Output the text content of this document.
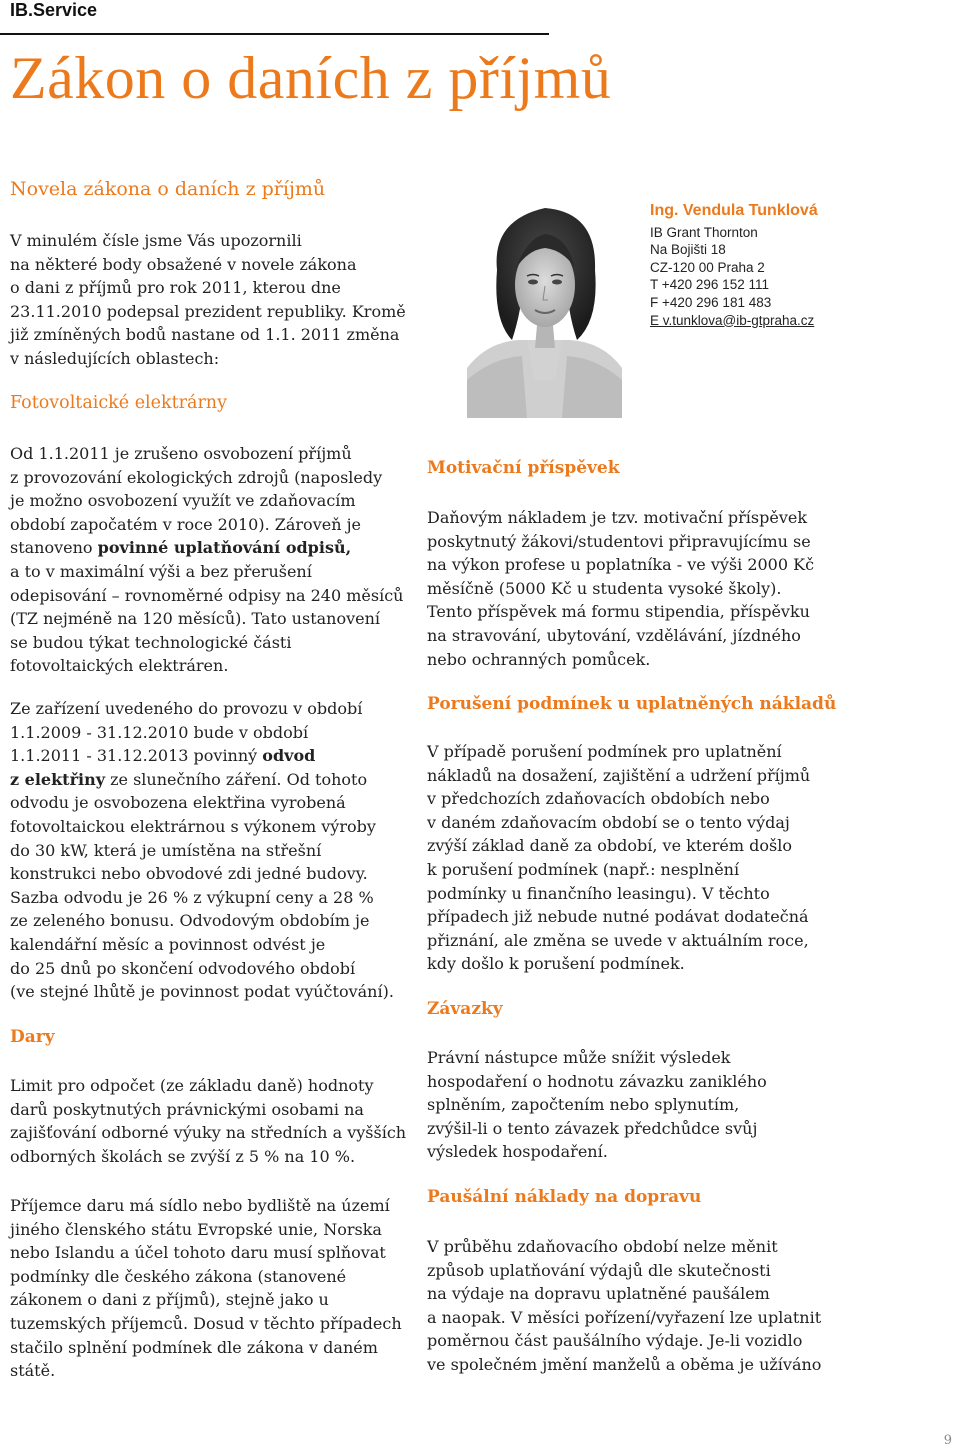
IB.Service
Zákon o daních z příjmů
Novela zákona o daních z příjmů
V minulém čísle jsme Vás upozornili
na některé body obsažené v novele zákona
o dani z příjmů pro rok 2011, kterou dne
23.11.2010 podepsal prezident republiky. Kromě
již zmíněných bodů nastane od 1.1. 2011 změna
v následujících oblastech:
Ing. Vendula Tunklová
IB Grant Thornton
Na Bojišti 18
CZ-120 00 Praha 2
T +420 296 152 111
F +420 296 181 483
E v.tunklova@ib-gtpraha.cz
Fotovoltaické elektrárny
Od 1.1.2011 je zrušeno osvobození příjmů
z provozování ekologických zdrojů (naposledy
je možno osvobození využít ve zdaňovacím
období započatém v roce 2010). Zároveň je
stanoveno povinné uplatňování odpisů,
a to v maximální výši a bez přerušení
odepisování – rovnoměrné odpisy na 240 měsíců
(TZ nejméně na 120 měsíců). Tato ustanovení
se budou týkat technologické části
fotovoltaických elektráren.
Ze zařízení uvedeného do provozu v období
1.1.2009 - 31.12.2010 bude v období
1.1.2011 - 31.12.2013 povinný odvod
z elektřiny ze slunečního záření. Od tohoto
odvodu je osvobozena elektřina vyrobená
fotovoltaickou elektrárnou s výkonem výroby
do 30 kW, která je umístěna na střešní
konstrukci nebo obvodové zdi jedné budovy.
Sazba odvodu je 26 % z výkupní ceny a 28 %
ze zeleného bonusu. Odvodovým obdobím je
kalendářní měsíc a povinnost odvést je
do 25 dnů po skončení odvodového období
(ve stejné lhůtě je povinnost podat vyúčtování).
Dary
Limit pro odpočet (ze základu daně) hodnoty
darů poskytnutých právnickými osobami na
zajišťování odborné výuky na středních a vyšších
odborných školách se zvýší z 5 % na 10 %.
Příjemce daru má sídlo nebo bydliště na území
jiného členského státu Evropské unie, Norska
nebo Islandu a účel tohoto daru musí splňovat
podmínky dle českého zákona (stanovené
zákonem o dani z příjmů), stejně jako u
tuzemských příjemců. Dosud v těchto případech
stačilo splnění podmínek dle zákona v daném
státě.
Motivační příspěvek
Daňovým nákladem je tzv. motivační příspěvek
poskytnutý žákovi/studentovi připravujícímu se
na výkon profese u poplatníka - ve výši 2000 Kč
měsíčně (5000 Kč u studenta vysoké školy).
Tento příspěvek má formu stipendia, příspěvku
na stravování, ubytování, vzdělávání, jízdného
nebo ochranných pomůcek.
Porušení podmínek u uplatněných nákladů
V případě porušení podmínek pro uplatnění
nákladů na dosažení, zajištění a udržení příjmů
v předchozích zdaňovacích obdobích nebo
v daném zdaňovacím období se o tento výdaj
zvýší základ daně za období, ve kterém došlo
k porušení podmínek (např.: nesplnění
podmínky u finančního leasingu). V těchto
případech již nebude nutné podávat dodatečná
přiznání, ale změna se uvede v aktuálním roce,
kdy došlo k porušení podmínek.
Závazky
Právní nástupce může snížit výsledek
hospodaření o hodnotu závazku zaniklého
splněním, započtením nebo splynutím,
zvýšil-li o tento závazek předchůdce svůj
výsledek hospodaření.
Paušální náklady na dopravu
V průběhu zdaňovacího období nelze měnit
způsob uplatňování výdajů dle skutečnosti
na výdaje na dopravu uplatněné paušálem
a naopak. V měsíci pořízení/vyřazení lze uplatnit
poměrnou část paušálního výdaje. Je-li vozidlo
ve společném jmění manželů a oběma je užíváno
9
